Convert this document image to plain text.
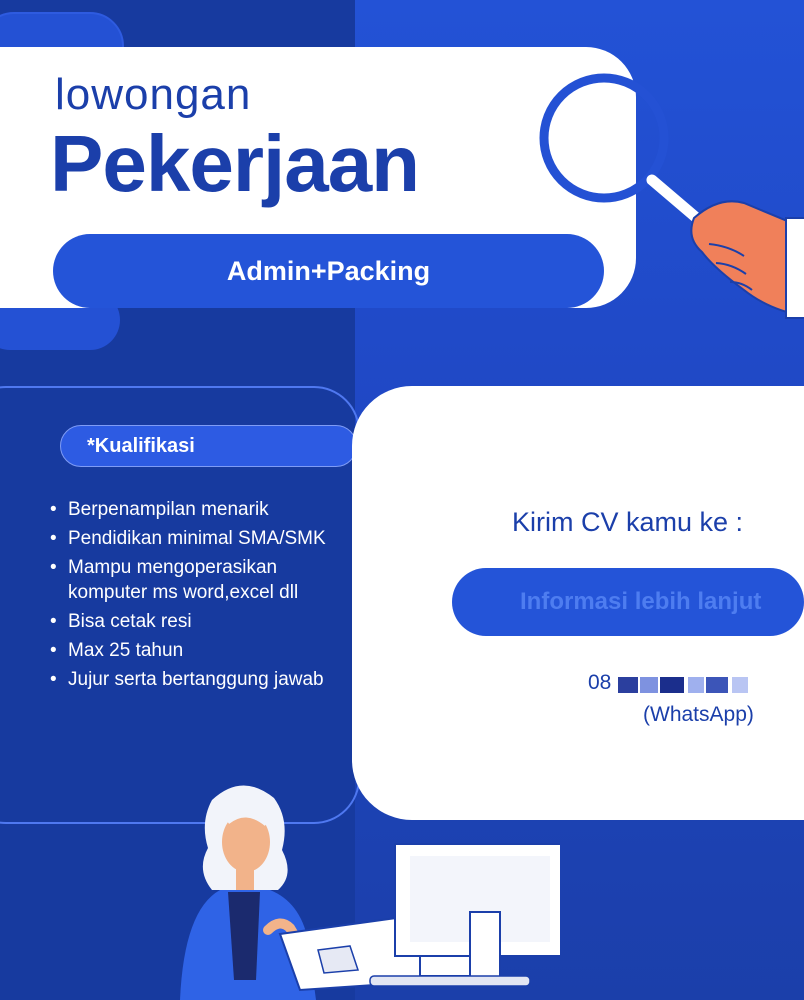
lowongan
Pekerjaan
Admin+Packing
*Kualifikasi
• Berpenampilan menarik
• Pendidikan minimal SMA/SMK
• Mampu mengoperasikan komputer ms word,excel dll
• Bisa cetak resi
• Max 25 tahun
• Jujur serta bertanggung jawab
Kirim CV kamu ke :
Informasi lebih lanjut
08
(WhatsApp)
